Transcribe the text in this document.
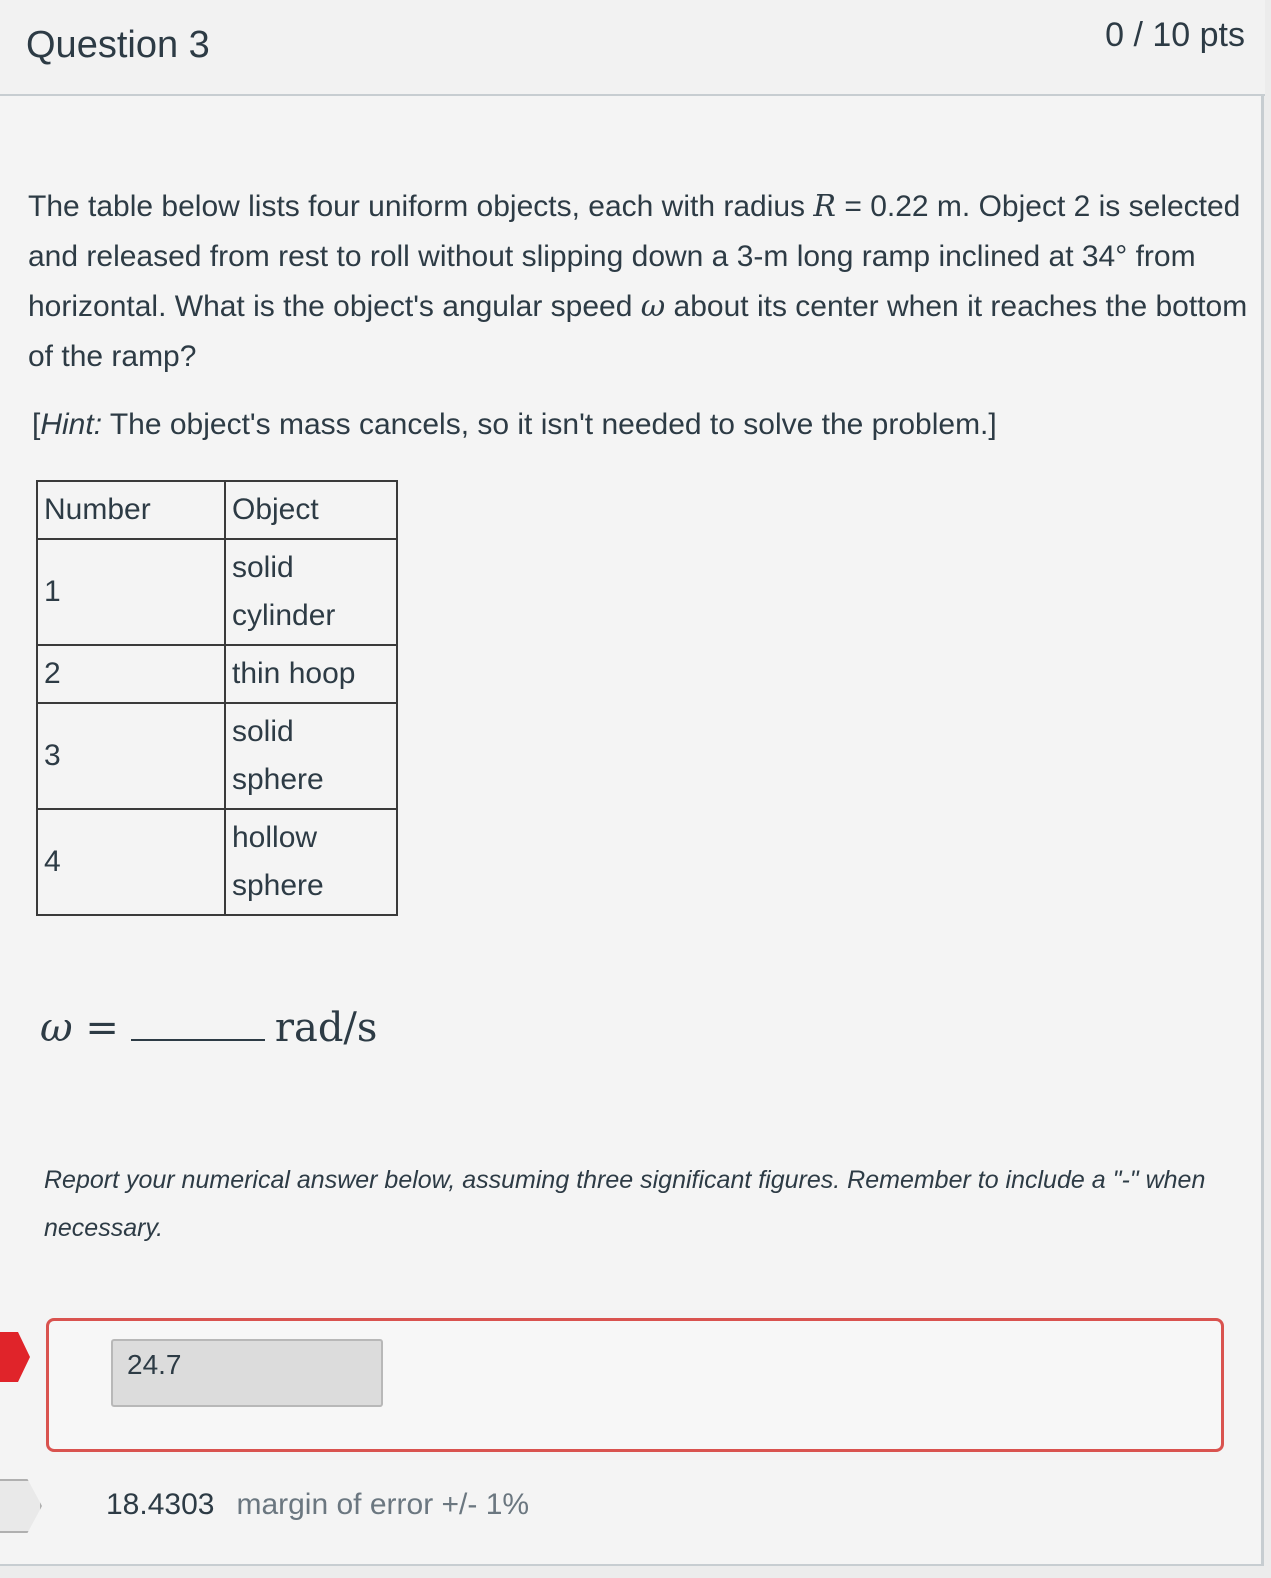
Question 3	0 / 10 pts
The table below lists four uniform objects, each with radius R = 0.22 m. Object 2 is selected and released from rest to roll without slipping down a 3-m long ramp inclined at 34° from horizontal. What is the object's angular speed ω about its center when it reaches the bottom of the ramp?
[Hint: The object's mass cancels, so it isn't needed to solve the problem.]
Number	Object
1	solid cylinder
2	thin hoop
3	solid sphere
4	hollow sphere
ω =	rad/s
Report your numerical answer below, assuming three significant figures. Remember to include a "-" when necessary.
24.7
18.4303 margin of error +/- 1%
